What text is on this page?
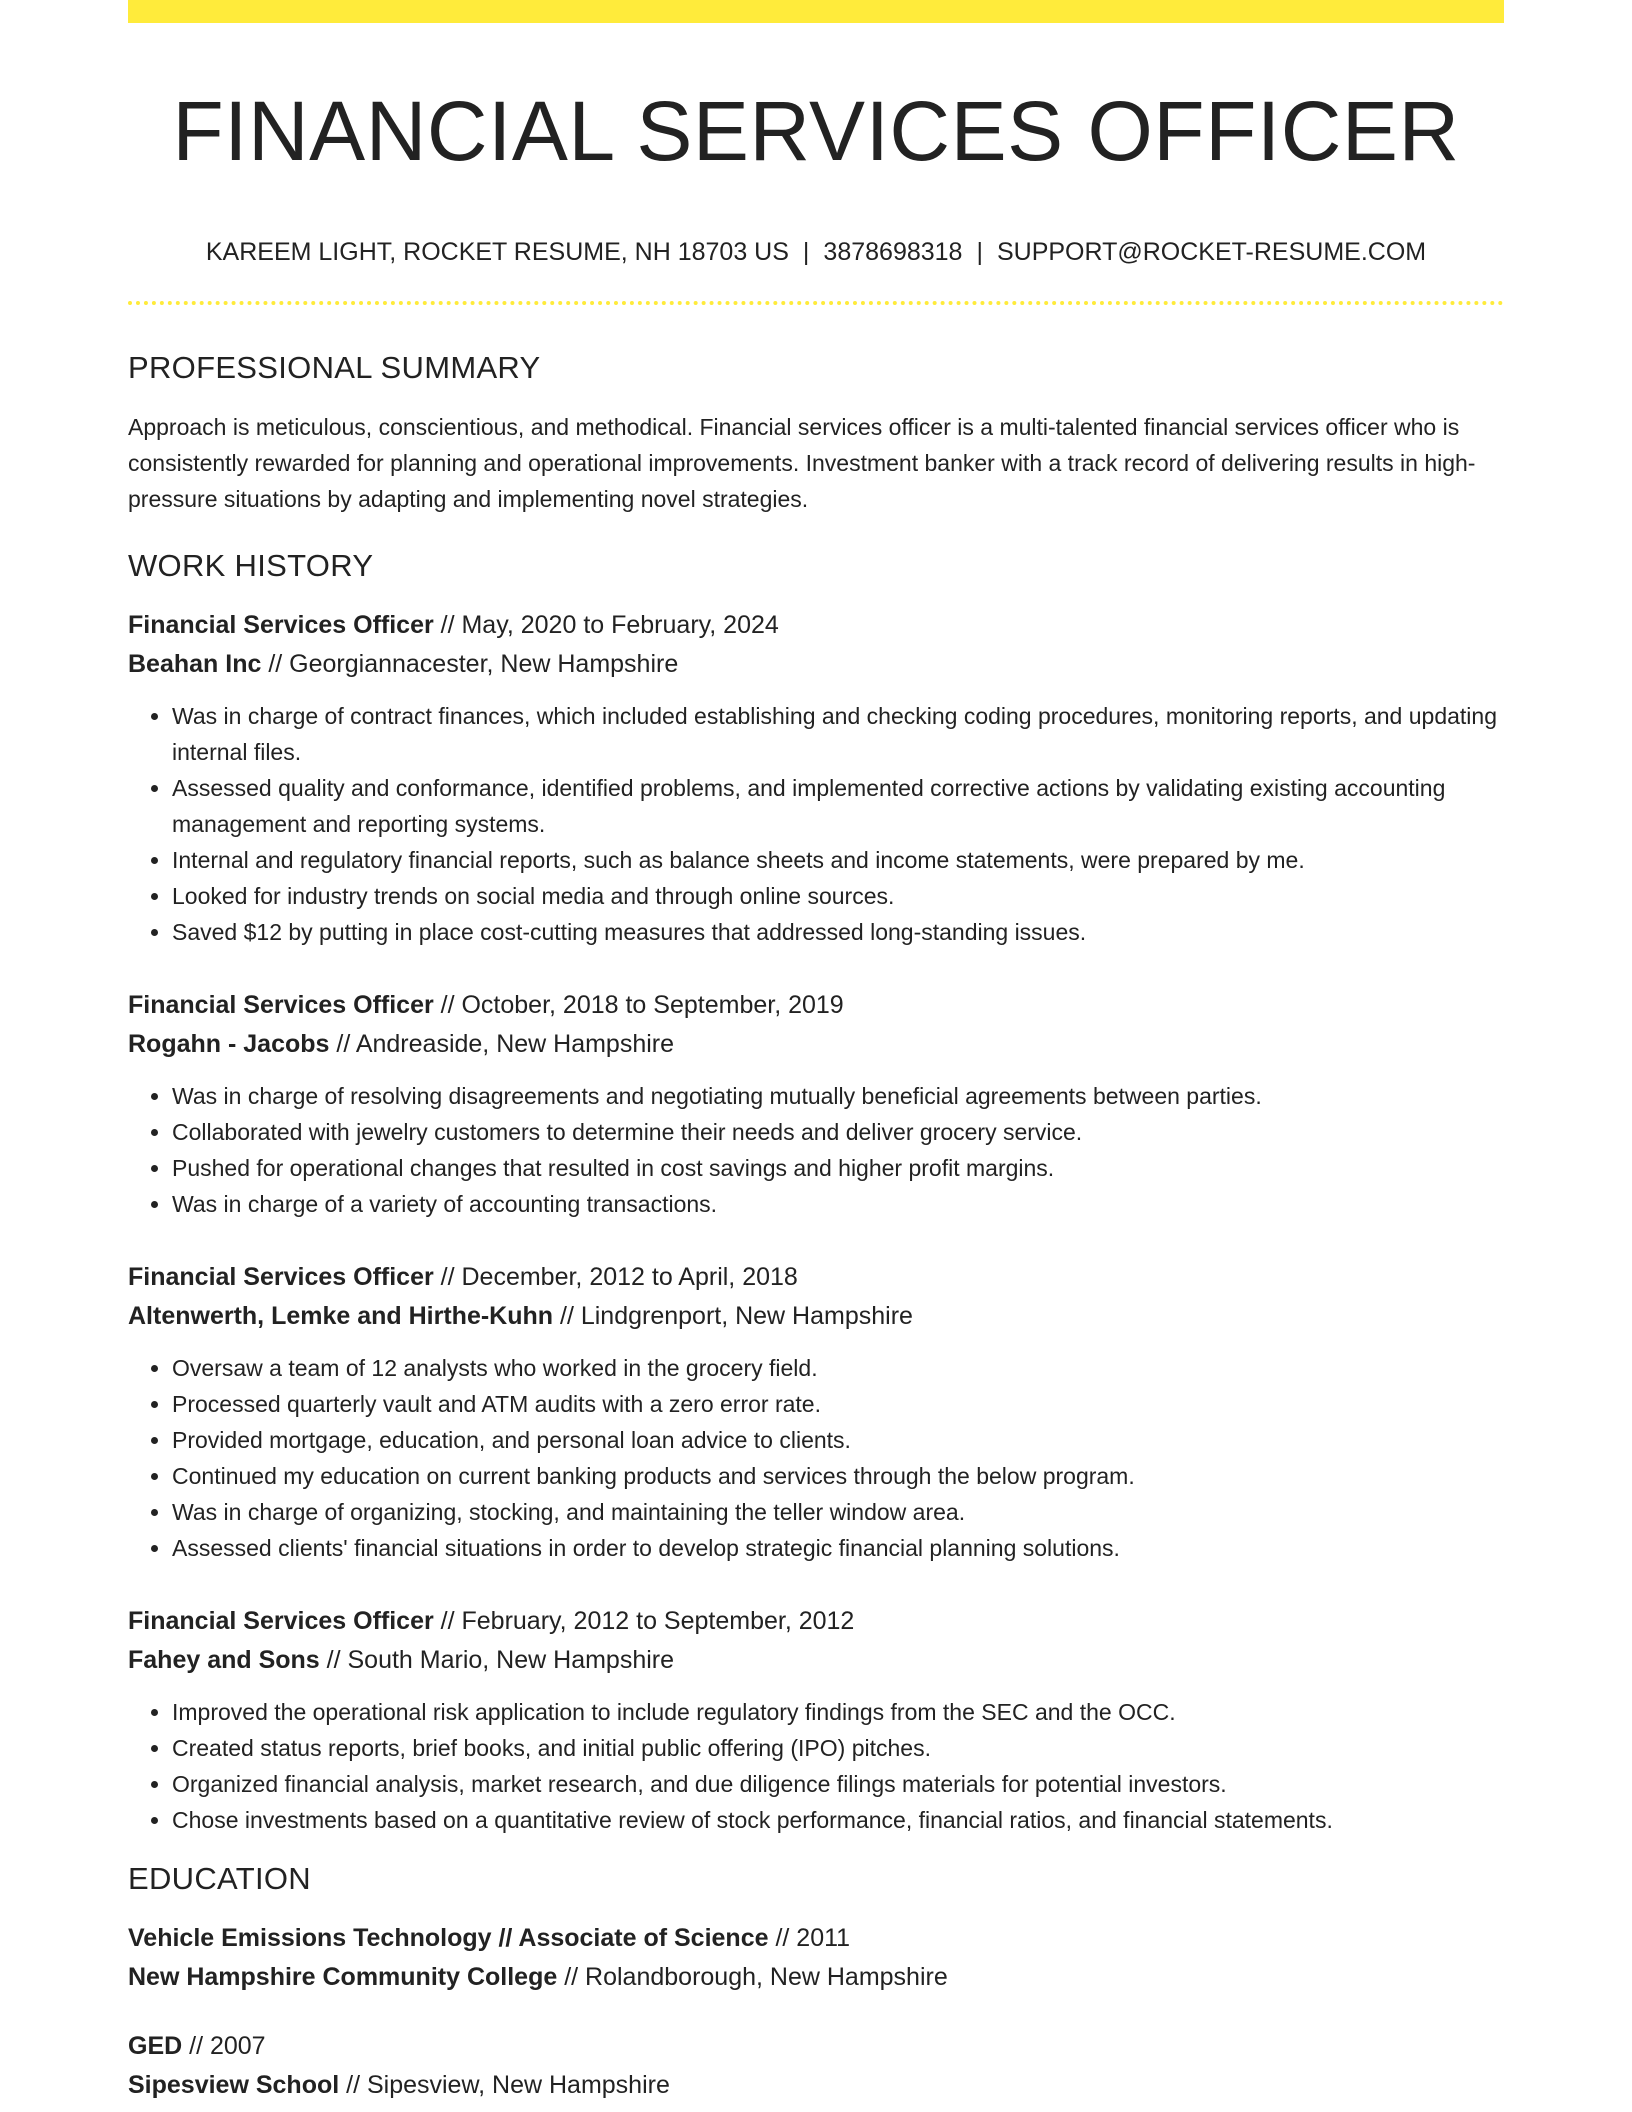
FINANCIAL SERVICES OFFICER
KAREEM LIGHT, ROCKET RESUME, NH 18703 US | 3878698318 | SUPPORT@ROCKET-RESUME.COM
PROFESSIONAL SUMMARY

Approach is meticulous, conscientious, and methodical. Financial services officer is a multi-talented financial services officer who is consistently rewarded for planning and operational improvements. Investment banker with a track record of delivering results in high-pressure situations by adapting and implementing novel strategies.

WORK HISTORY
Financial Services Officer // May, 2020 to February, 2024
Beahan Inc // Georgiannacester, New Hampshire
• Was in charge of contract finances, which included establishing and checking coding procedures, monitoring reports, and updating internal files.
• Assessed quality and conformance, identified problems, and implemented corrective actions by validating existing accounting management and reporting systems.
• Internal and regulatory financial reports, such as balance sheets and income statements, were prepared by me.
• Looked for industry trends on social media and through online sources.
• Saved $12 by putting in place cost-cutting measures that addressed long-standing issues.
Financial Services Officer // October, 2018 to September, 2019
Rogahn - Jacobs // Andreaside, New Hampshire
• Was in charge of resolving disagreements and negotiating mutually beneficial agreements between parties.
• Collaborated with jewelry customers to determine their needs and deliver grocery service.
• Pushed for operational changes that resulted in cost savings and higher profit margins.
• Was in charge of a variety of accounting transactions.
Financial Services Officer // December, 2012 to April, 2018
Altenwerth, Lemke and Hirthe-Kuhn // Lindgrenport, New Hampshire
• Oversaw a team of 12 analysts who worked in the grocery field.
• Processed quarterly vault and ATM audits with a zero error rate.
• Provided mortgage, education, and personal loan advice to clients.
• Continued my education on current banking products and services through the below program.
• Was in charge of organizing, stocking, and maintaining the teller window area.
• Assessed clients' financial situations in order to develop strategic financial planning solutions.
Financial Services Officer // February, 2012 to September, 2012
Fahey and Sons // South Mario, New Hampshire
• Improved the operational risk application to include regulatory findings from the SEC and the OCC.
• Created status reports, brief books, and initial public offering (IPO) pitches.
• Organized financial analysis, market research, and due diligence filings materials for potential investors.
• Chose investments based on a quantitative review of stock performance, financial ratios, and financial statements.
EDUCATION
Vehicle Emissions Technology // Associate of Science // 2011
New Hampshire Community College // Rolandborough, New Hampshire
GED // 2007
Sipesview School // Sipesview, New Hampshire
